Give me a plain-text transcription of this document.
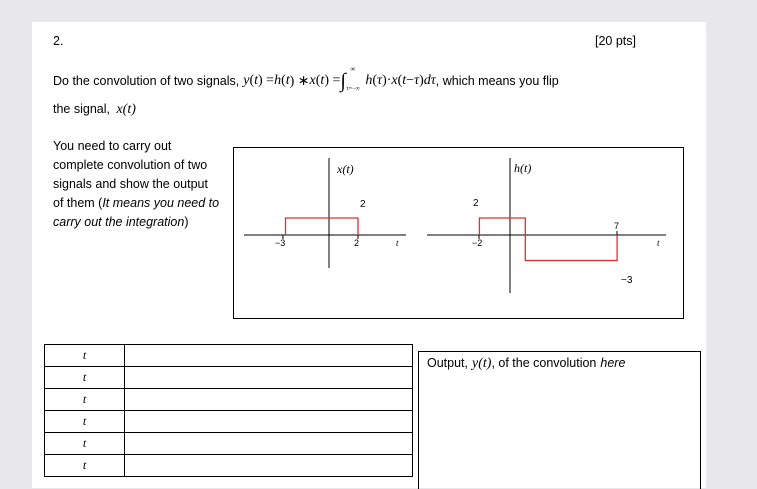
2.	[20 pts]
Do the convolution of two signals, y ( t ) = h ( t ) ∗ x ( t ) = ∫
∞
τ=−∞
h ( τ )· x ( t − τ ) dτ , which means you flip
the signal, x(t)
You need to carry out
complete convolution of two
signals and show the output
of them (It means you need to
carry out the integration)
x(t)
2
−3	2	t
h(t)
2
−3
−2
7
t
t	
t	
t	
t	
t	
t	
Output, y(t) , of the convolution here
